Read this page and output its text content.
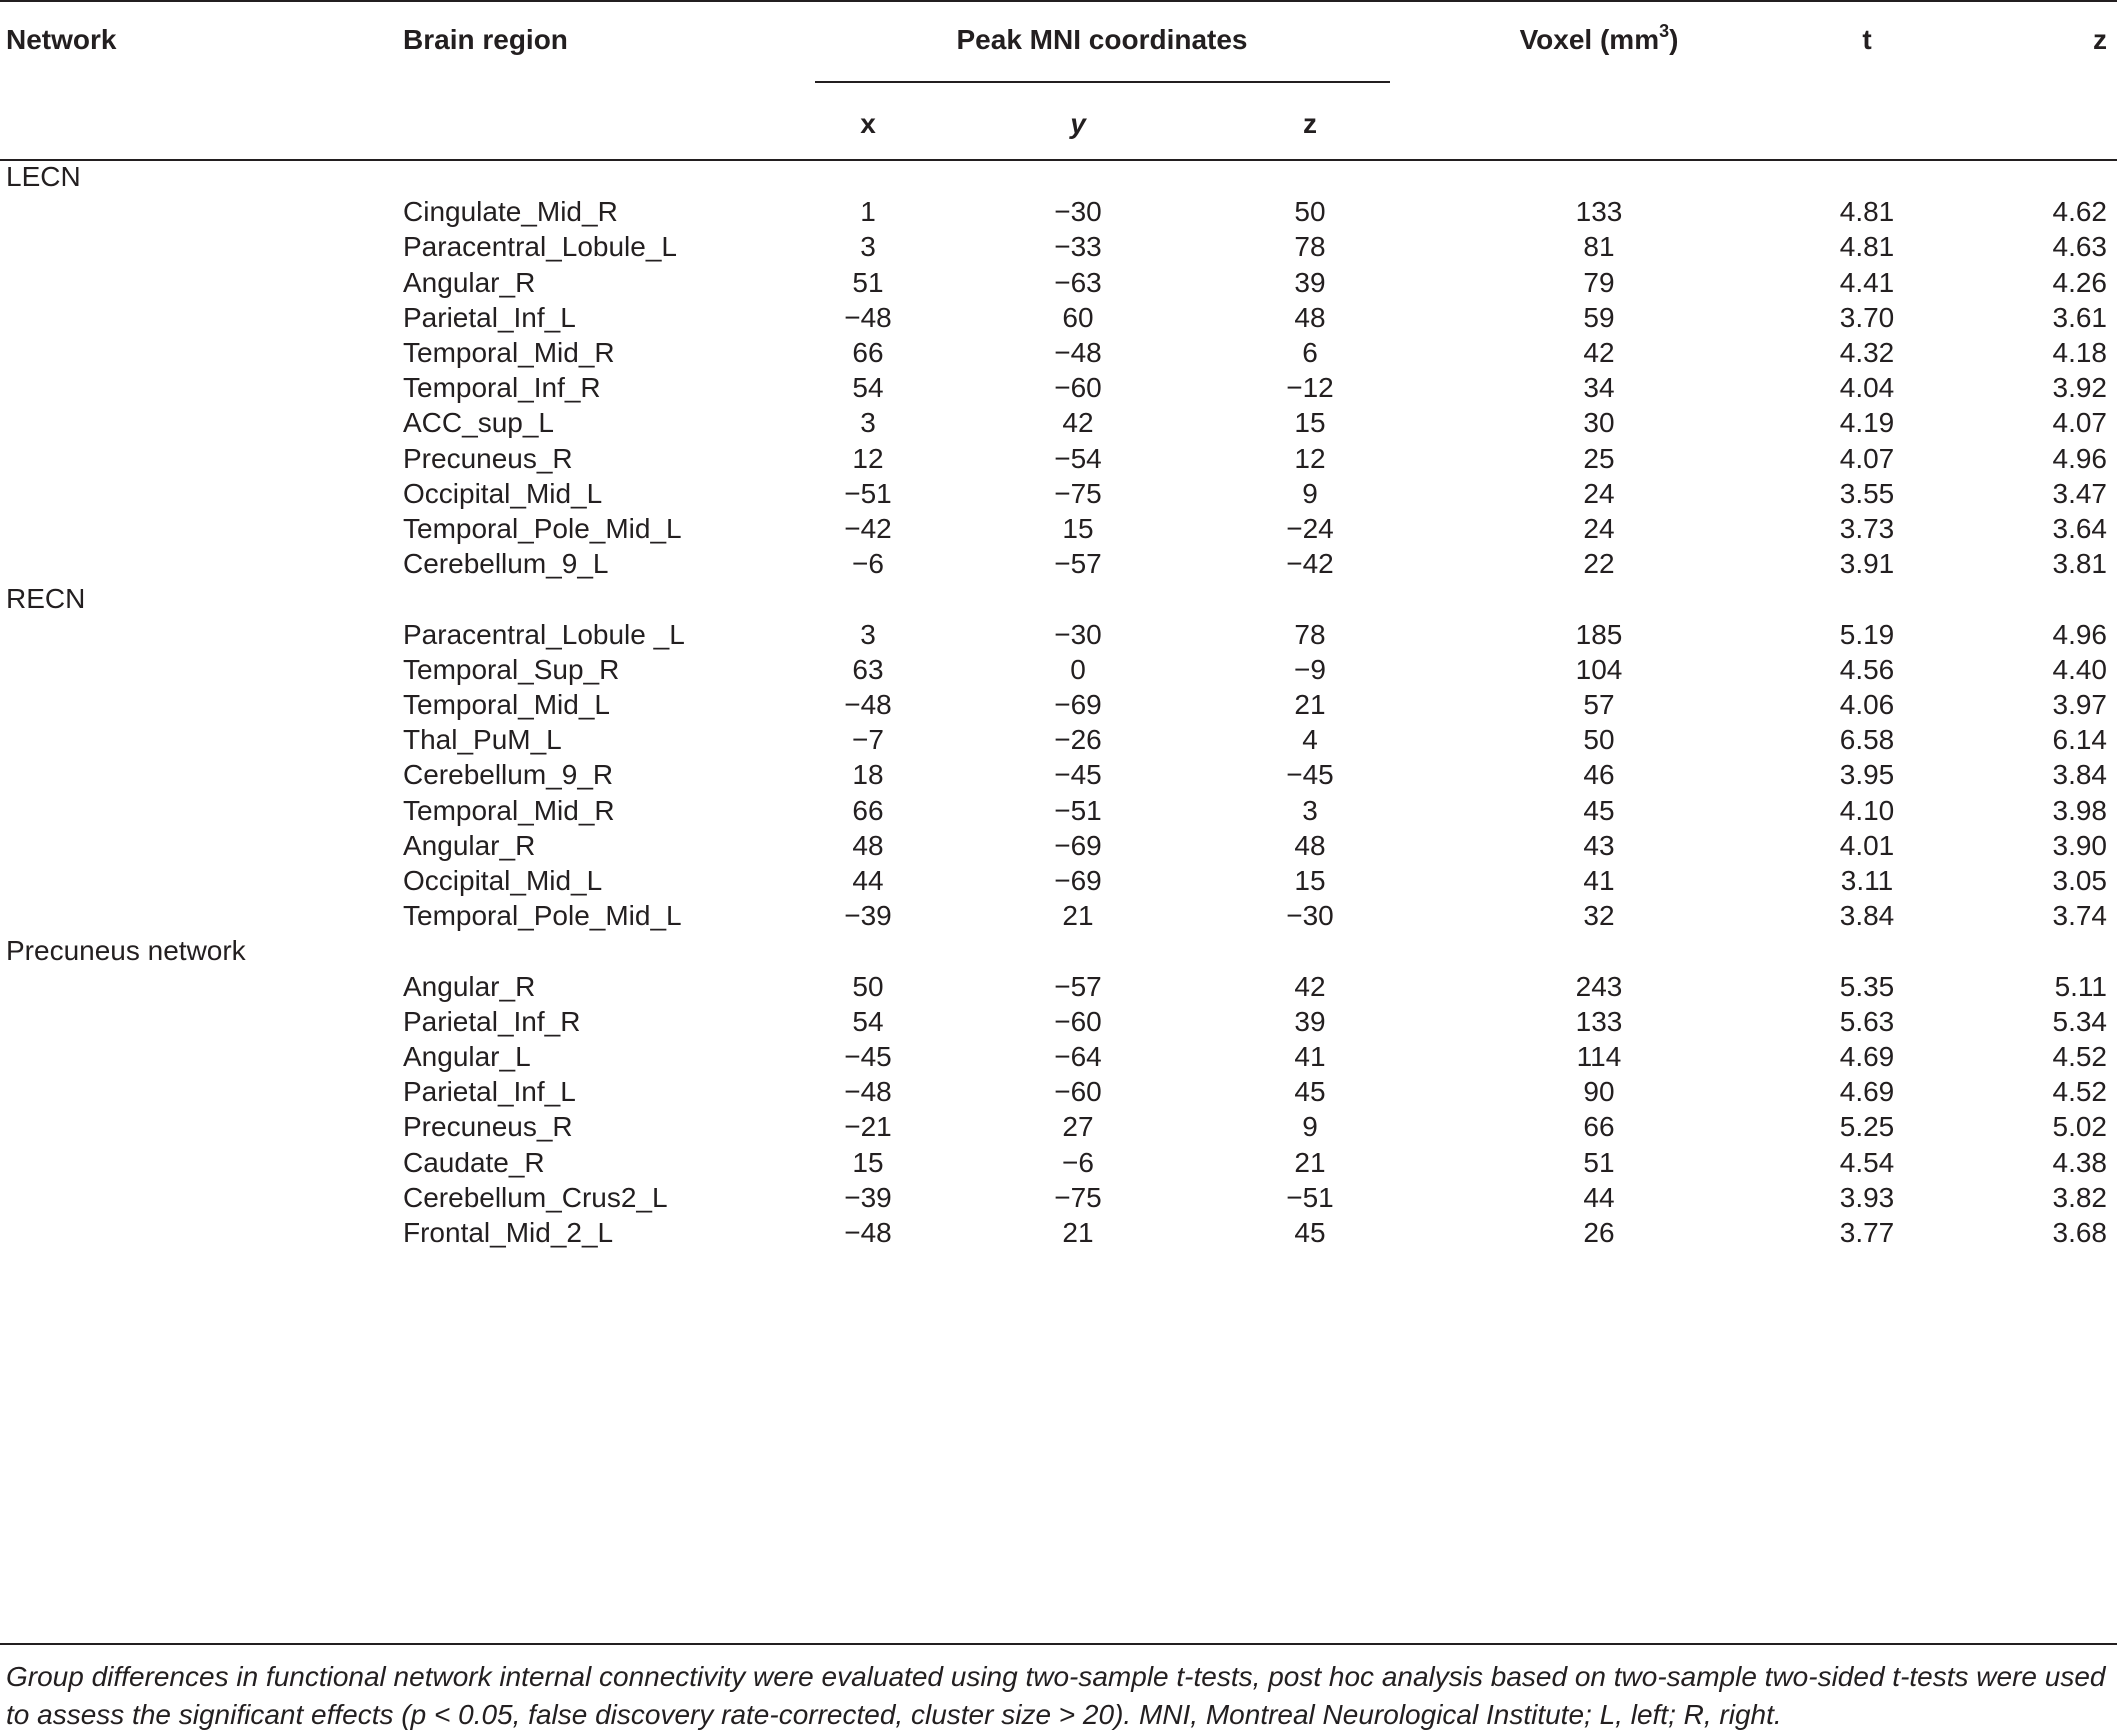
Network	Brain region	Peak MNI coordinates	Voxel $(mm^3)$	t	z
x	y	z
LECN
Cingulate_Mid_R	1	−30	50	133	4.81	4.62
Paracentral_Lobule_L	3	−33	78	81	4.81	4.63
Angular_R	51	−63	39	79	4.41	4.26
Parietal_Inf_L	−48	60	48	59	3.70	3.61
Temporal_Mid_R	66	−48	6	42	4.32	4.18
Temporal_Inf_R	54	−60	−12	34	4.04	3.92
ACC_sup_L	3	42	15	30	4.19	4.07
Precuneus_R	12	−54	12	25	4.07	4.96
Occipital_Mid_L	−51	−75	9	24	3.55	3.47
Temporal_Pole_Mid_L	−42	15	−24	24	3.73	3.64
Cerebellum_9_L	−6	−57	−42	22	3.91	3.81
RECN
Paracentral_Lobule _L	3	−30	78	185	5.19	4.96
Temporal_Sup_R	63	0	−9	104	4.56	4.40
Temporal_Mid_L	−48	−69	21	57	4.06	3.97
Thal_PuM_L	−7	−26	4	50	6.58	6.14
Cerebellum_9_R	18	−45	−45	46	3.95	3.84
Temporal_Mid_R	66	−51	3	45	4.10	3.98
Angular_R	48	−69	48	43	4.01	3.90
Occipital_Mid_L	44	−69	15	41	3.11	3.05
Temporal_Pole_Mid_L	−39	21	−30	32	3.84	3.74
Precuneus network
Angular_R	50	−57	42	243	5.35	5.11
Parietal_Inf_R	54	−60	39	133	5.63	5.34
Angular_L	−45	−64	41	114	4.69	4.52
Parietal_Inf_L	−48	−60	45	90	4.69	4.52
Precuneus_R	−21	27	9	66	5.25	5.02
Caudate_R	15	−6	21	51	4.54	4.38
Cerebellum_Crus2_L	−39	−75	−51	44	3.93	3.82
Frontal_Mid_2_L	−48	21	45	26	3.77	3.68
Group differences in functional network internal connectivity were evaluated using two-sample t-tests, post hoc analysis based on two-sample two-sided t-tests were used to assess the significant effects (p < 0.05, false discovery rate-corrected, cluster size > 20). MNI, Montreal Neurological Institute; L, left; R, right.
